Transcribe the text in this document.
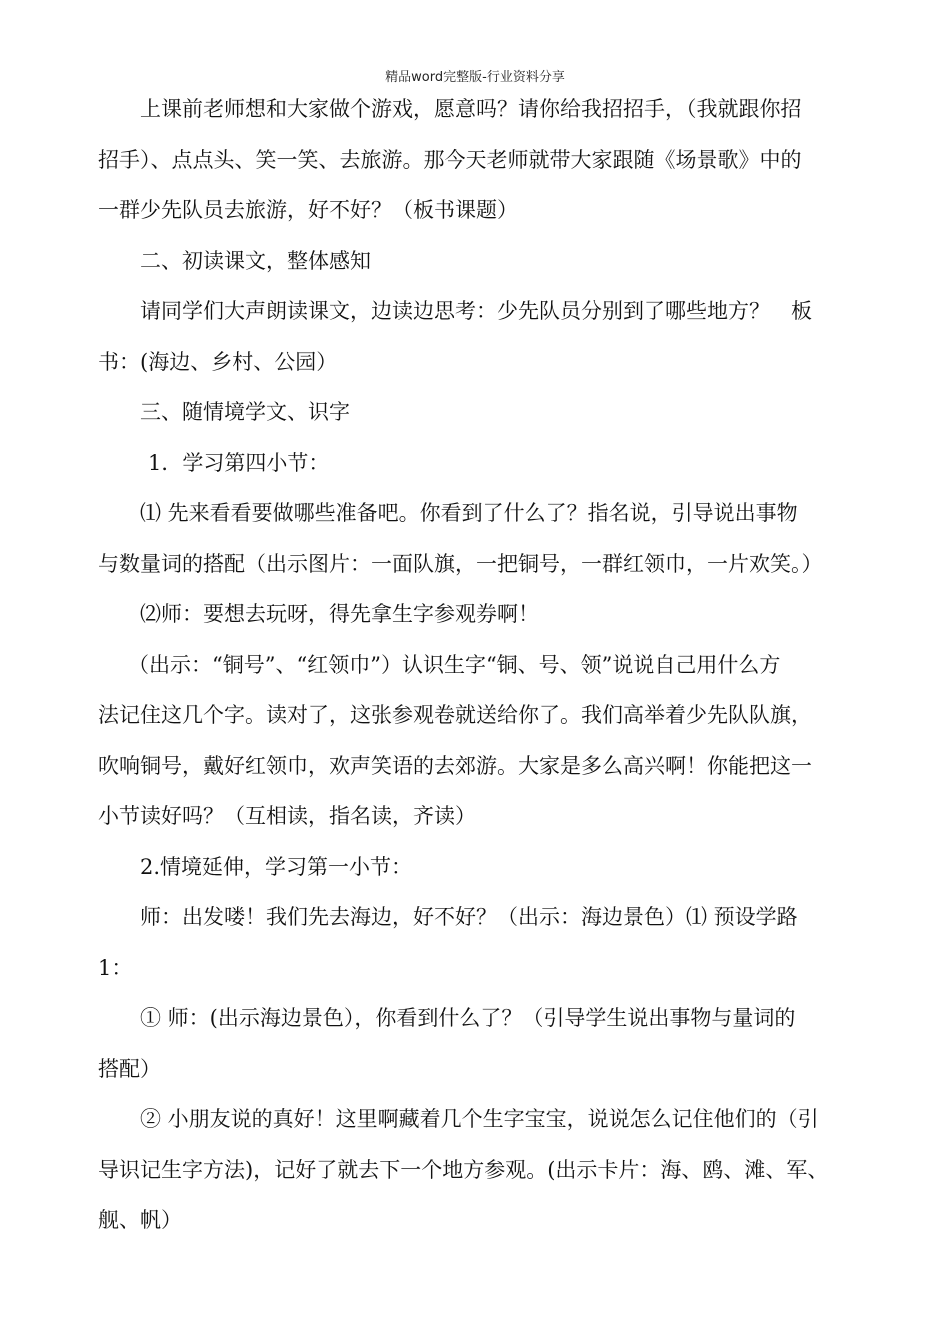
精品word完整版-行业资料分享
上课前老师想和大家做个游戏，愿意吗？请你给我招招手，（我就跟你招
招手）、点点头、笑一笑、去旅游。那今天老师就带大家跟随《场景歌》中的
一群少先队员去旅游，好不好？（板书课题）
二、初读课文，整体感知
请同学们大声朗读课文，边读边思考：少先队员分别到了哪些地方？　板
书：(海边、乡村、公园）
三、随情境学文、识字
1．学习第四小节：
⑴ 先来看看要做哪些准备吧。你看到了什么了？指名说，引导说出事物
与数量词的搭配（出示图片：一面队旗，一把铜号，一群红领巾，一片欢笑。）
⑵师：要想去玩呀，得先拿生字参观券啊！
（出示：“铜号”、“红领巾”）认识生字“铜、号、领”说说自己用什么方
法记住这几个字。读对了，这张参观卷就送给你了。我们高举着少先队队旗，
吹响铜号，戴好红领巾，欢声笑语的去郊游。大家是多么高兴啊！你能把这一
小节读好吗？（互相读，指名读，齐读）
2.情境延伸，学习第一小节：
师：出发喽！我们先去海边，好不好？（出示：海边景色）⑴ 预设学路
1：
① 师：(出示海边景色），你看到什么了？（引导学生说出事物与量词的
搭配）
② 小朋友说的真好！这里啊藏着几个生字宝宝，说说怎么记住他们的（引
导识记生字方法)，记好了就去下一个地方参观。(出示卡片：海、鸥、滩、军、
舰、帆）
